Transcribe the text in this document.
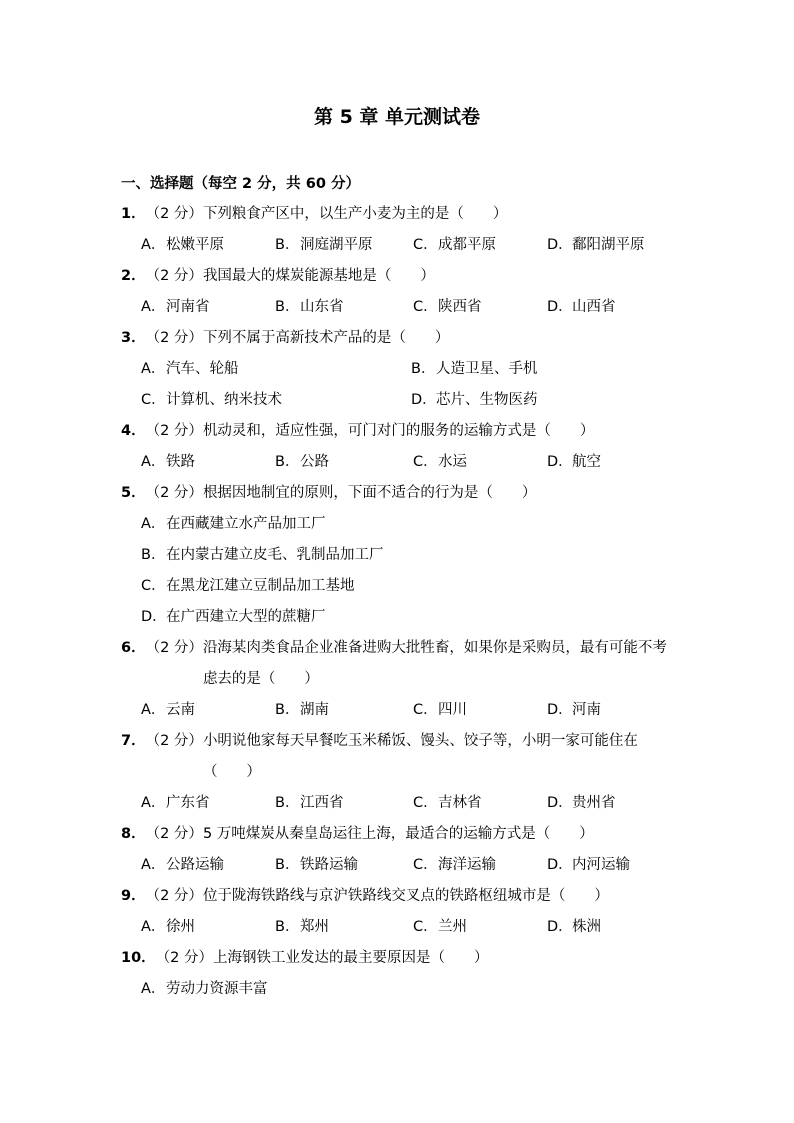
第 5 章 单元测试卷
一、选择题（每空 2 分，共 60 分）
1． （2 分） 下列粮食产区中，以生产小麦为主的是（　　）
A． 松嫩平原	B． 洞庭湖平原	C． 成都平原	D． 鄱阳湖平原
2． （2 分） 我国最大的煤炭能源基地是（　　）
A． 河南省	B． 山东省	C． 陕西省	D． 山西省
3． （2 分） 下列不属于高新技术产品的是（　　）
A． 汽车、轮船	B． 人造卫星、手机
C． 计算机、纳米技术	D． 芯片、生物医药
4． （2 分） 机动灵和，适应性强，可门对门的服务的运输方式是（　　）
A． 铁路	B． 公路	C． 水运	D． 航空
5． （2 分） 根据因地制宜的原则，下面不适合的行为是（　　）
A． 在西藏建立水产品加工厂
B． 在内蒙古建立皮毛、乳制品加工厂
C． 在黑龙江建立豆制品加工基地
D． 在广西建立大型的蔗糖厂
6． （2 分） 沿海某肉类食品企业准备进购大批牲畜，如果你是采购员，最有可能不考虑去的是（　　）
A． 云南	B． 湖南	C． 四川	D． 河南
7． （2 分） 小明说他家每天早餐吃玉米稀饭、馒头、饺子等，小明一家可能住在（　　）
A． 广东省	B． 江西省	C． 吉林省	D． 贵州省
8． （2 分） 5 万吨煤炭从秦皇岛运往上海，最适合的运输方式是（　　）
A． 公路运输	B． 铁路运输	C． 海洋运输	D． 内河运输
9． （2 分） 位于陇海铁路线与京沪铁路线交叉点的铁路枢纽城市是（　　）
A． 徐州	B． 郑州	C． 兰州	D． 株洲
10． （2 分） 上海钢铁工业发达的最主要原因是（　　）
A． 劳动力资源丰富
